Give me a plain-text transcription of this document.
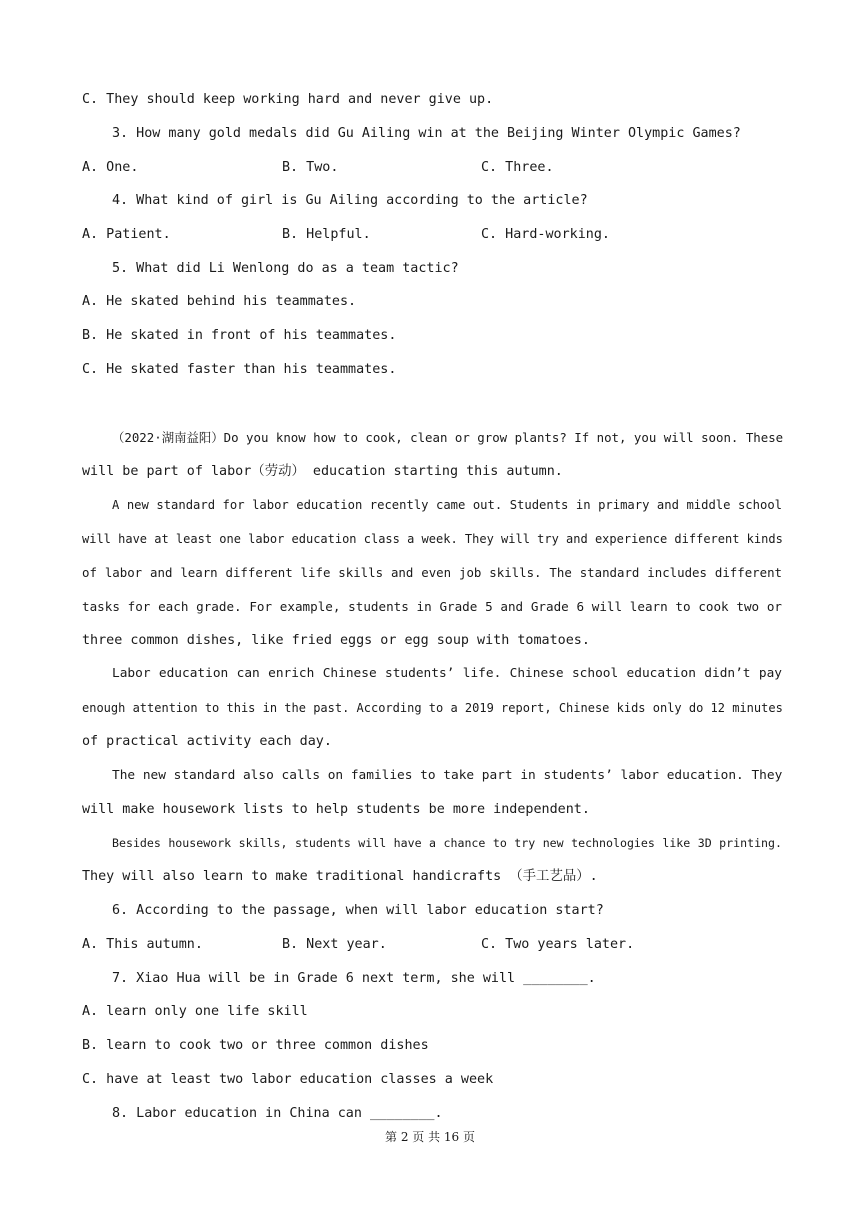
C. They should keep working hard and never give up.
3. How many gold medals did Gu Ailing win at the Beijing Winter Olympic Games?
A. One.	B. Two.	C. Three.
4. What kind of girl is Gu Ailing according to the article?
A. Patient.	B. Helpful.	C. Hard-working.
5. What did Li Wenlong do as a team tactic?
A. He skated behind his teammates.
B. He skated in front of his teammates.
C. He skated faster than his teammates.
（2022·湖南益阳）Do you know how to cook, clean or grow plants? If not, you will soon. These
will be part of labor（劳动） education starting this autumn.
A new standard for labor education recently came out. Students in primary and middle school
will have at least one labor education class a week. They will try and experience different kinds
of labor and learn different life skills and even job skills. The standard includes different
tasks for each grade. For example, students in Grade 5 and Grade 6 will learn to cook two or
three common dishes, like fried eggs or egg soup with tomatoes.
Labor education can enrich Chinese students’ life. Chinese school education didn’t pay
enough attention to this in the past. According to a 2019 report, Chinese kids only do 12 minutes
of practical activity each day.
The new standard also calls on families to take part in students’ labor education. They
will make housework lists to help students be more independent.
Besides housework skills, students will have a chance to try new technologies like 3D printing.
They will also learn to make traditional handicrafts （手工艺品）.
6. According to the passage, when will labor education start?
A. This autumn.	B. Next year.	C. Two years later.
7. Xiao Hua will be in Grade 6 next term, she will ________.
A. learn only one life skill
B. learn to cook two or three common dishes
C. have at least two labor education classes a week
8. Labor education in China can ________.
第 2 页 共 16 页
